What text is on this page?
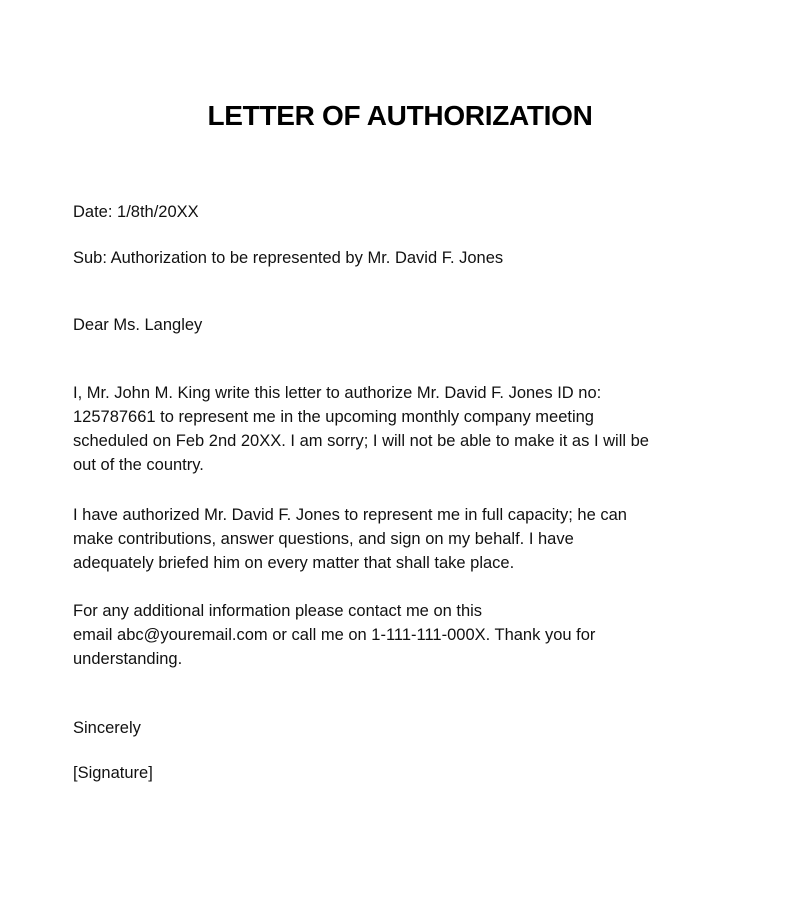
LETTER OF AUTHORIZATION

Date: 1/8th/20XX

Sub: Authorization to be represented by Mr. David F. Jones

Dear Ms. Langley

I, Mr. John M. King write this letter to authorize Mr. David F. Jones ID no:
125787661 to represent me in the upcoming monthly company meeting
scheduled on Feb 2nd 20XX. I am sorry; I will not be able to make it as I will be
out of the country.
I have authorized Mr. David F. Jones to represent me in full capacity; he can
make contributions, answer questions, and sign on my behalf. I have
adequately briefed him on every matter that shall take place.
For any additional information please contact me on this
email abc@youremail.com or call me on 1-111-111-000X. Thank you for
understanding.

Sincerely

[Signature]
